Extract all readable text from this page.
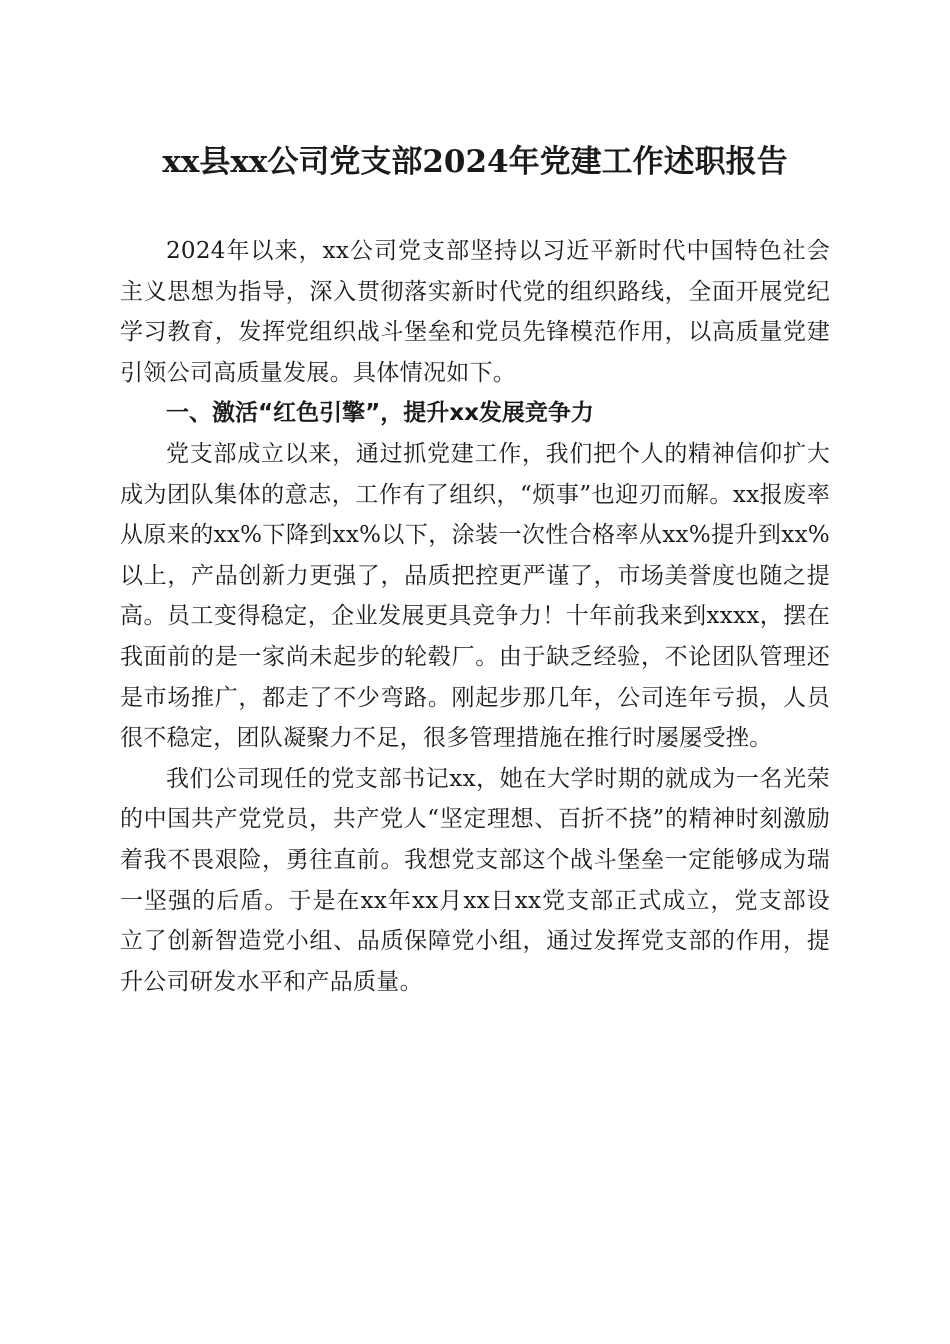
xx县xx公司党支部2024年党建工作述职报告

2024年以来，xx公司党支部坚持以习近平新时代中国特色社会主义思想为指导，深入贯彻落实新时代党的组织路线，全面开展党纪学习教育，发挥党组织战斗堡垒和党员先锋模范作用，以高质量党建引领公司高质量发展。具体情况如下。

一、激活“红色引擎”，提升xx发展竞争力

党支部成立以来，通过抓党建工作，我们把个人的精神信仰扩大成为团队集体的意志，工作有了组织，“烦事”也迎刃而解。xx报废率从原来的xx%下降到xx%以下，涂装一次性合格率从xx%提升到xx%以上，产品创新力更强了，品质把控更严谨了，市场美誉度也随之提高。员工变得稳定，企业发展更具竞争力！十年前我来到xxxx，摆在我面前的是一家尚未起步的轮毂厂。由于缺乏经验，不论团队管理还是市场推广，都走了不少弯路。刚起步那几年，公司连年亏损，人员很不稳定，团队凝聚力不足，很多管理措施在推行时屡屡受挫。

我们公司现任的党支部书记xx，她在大学时期的就成为一名光荣的中国共产党党员，共产党人“坚定理想、百折不挠”的精神时刻激励着我不畏艰险，勇往直前。我想党支部这个战斗堡垒一定能够成为瑞一坚强的后盾。于是在xx年xx月xx日xx党支部正式成立，党支部设立了创新智造党小组、品质保障党小组，通过发挥党支部的作用，提升公司研发水平和产品质量。
